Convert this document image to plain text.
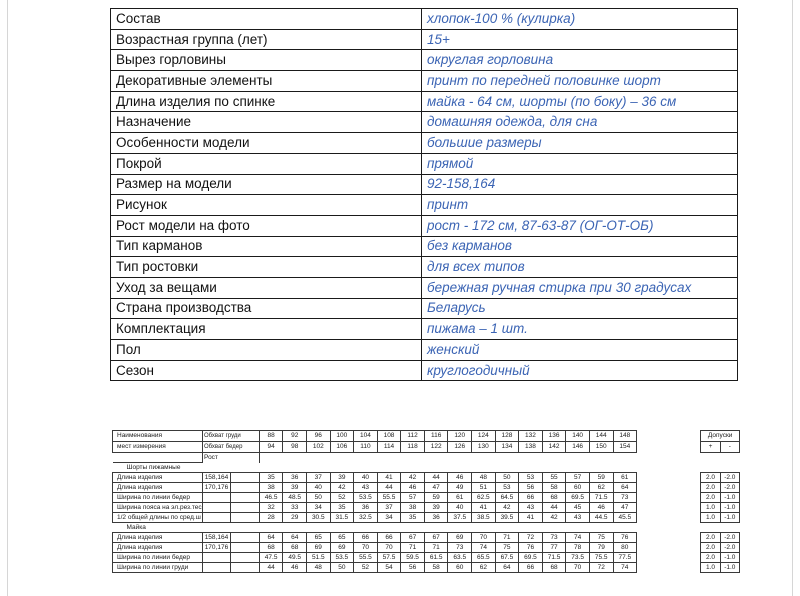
Состав	хлопок-100 % (кулирка)
Возрастная группа (лет)	15+
Вырез горловины	округлая горловина
Декоративные элементы	принт по передней половинке шорт
Длина изделия по спинке	майка - 64 см, шорты (по боку) – 36 см
Назначение	домашняя одежда, для сна
Особенности модели	большие размеры
Покрой	прямой
Размер на модели	92-158,164
Рисунок	принт
Рост модели на фото	рост - 172 см, 87-63-87 (ОГ-ОТ-ОБ)
Тип карманов	без карманов
Тип ростовки	для всех типов
Уход за вещами	бережная ручная стирка при 30 градусах
Страна производства	Беларусь
Комплектация	пижама – 1 шт.
Пол	женский
Сезон	круглогодичный
Наименования	Обхват груди		88	92	96	100	104	108	112	116	120	124	128	132	136	140	144	148		Допуски	
мест измерения	Обхват бедер		94	98	102	106	110	114	118	122	126	130	134	138	142	146	150	154		+	-
	Рост																				
Шорты пижамные																					
Длина изделия	158,164		35	36	37	39	40	41	42	44	46	48	50	53	55	57	59	61		2.0	-2.0
Длина изделия	170,176		38	39	40	42	43	44	46	47	49	51	53	56	58	60	62	64		2.0	-2.0
Ширина по линии бедер			46.5	48.5	50	52	53.5	55.5	57	59	61	62.5	64.5	66	68	69.5	71.5	73		2.0	-1.0
Ширина пояса на эл.рез.тес			32	33	34	35	36	37	38	39	40	41	42	43	44	45	46	47		1.0	-1.0
1/2 общей длины по сред.ш			28	29	30.5	31.5	32.5	34	35	36	37.5	38.5	39.5	41	42	43	44.5	45.5		1.0	-1.0
Майка																					
Длина изделия	158,164		64	64	65	65	66	66	67	67	69	70	71	72	73	74	75	76		2.0	-2.0
Длина изделия	170,176		68	68	69	69	70	70	71	71	73	74	75	76	77	78	79	80		2.0	-2.0
Ширина по линии бедер			47.5	49.5	51.5	53.5	55.5	57.5	59.5	61.5	63.5	65.5	67.5	69.5	71.5	73.5	75.5	77.5		2.0	-1.0
Ширина по линии груди			44	46	48	50	52	54	56	58	60	62	64	66	68	70	72	74		1.0	-1.0
